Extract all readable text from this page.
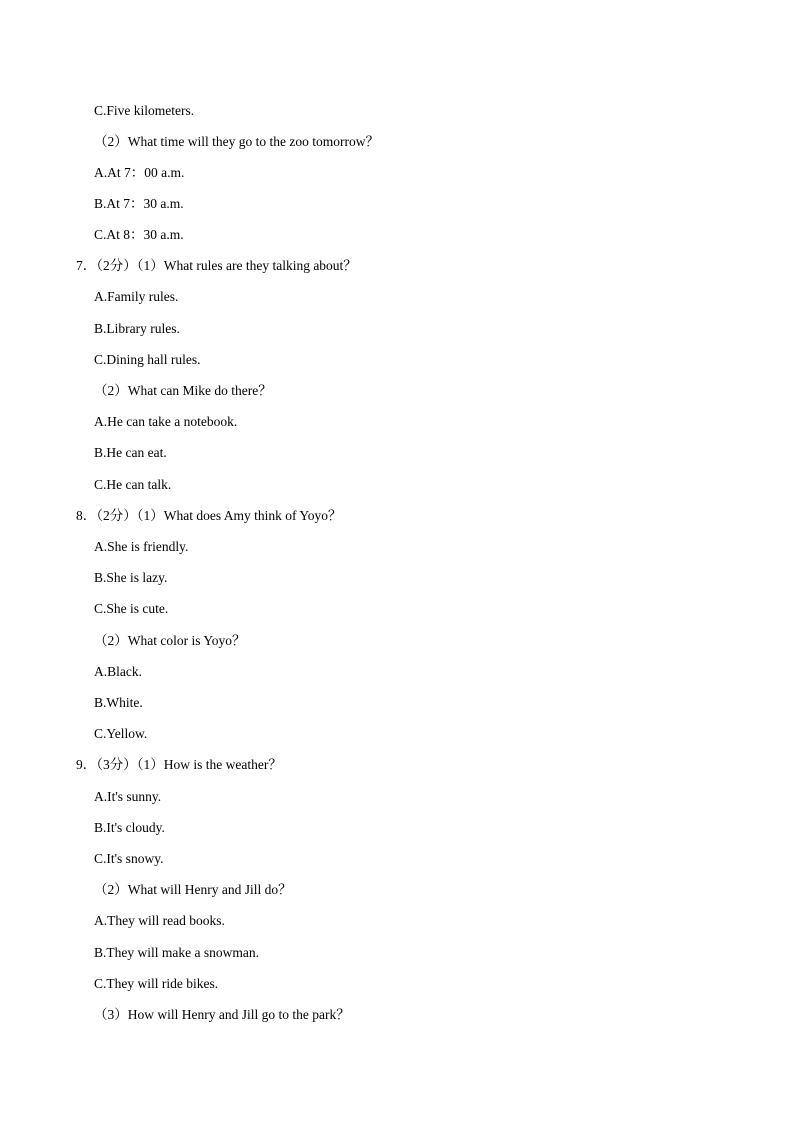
C.Five kilometers.
（2）What time will they go to the zoo tomorrow？
A.At 7：00 a.m.
B.At 7：30 a.m.
C.At 8：30 a.m.
7．（2分）（1）What rules are they talking about？
A.Family rules.
B.Library rules.
C.Dining hall rules.
（2）What can Mike do there？
A.He can take a notebook.
B.He can eat.
C.He can talk.
8．（2分）（1）What does Amy think of Yoyo？
A.She is friendly.
B.She is lazy.
C.She is cute.
（2）What color is Yoyo？
A.Black.
B.White.
C.Yellow.
9．（3分）（1）How is the weather？
A.It's sunny.
B.It's cloudy.
C.It's snowy.
（2）What will Henry and Jill do？
A.They will read books.
B.They will make a snowman.
C.They will ride bikes.
（3）How will Henry and Jill go to the park？
